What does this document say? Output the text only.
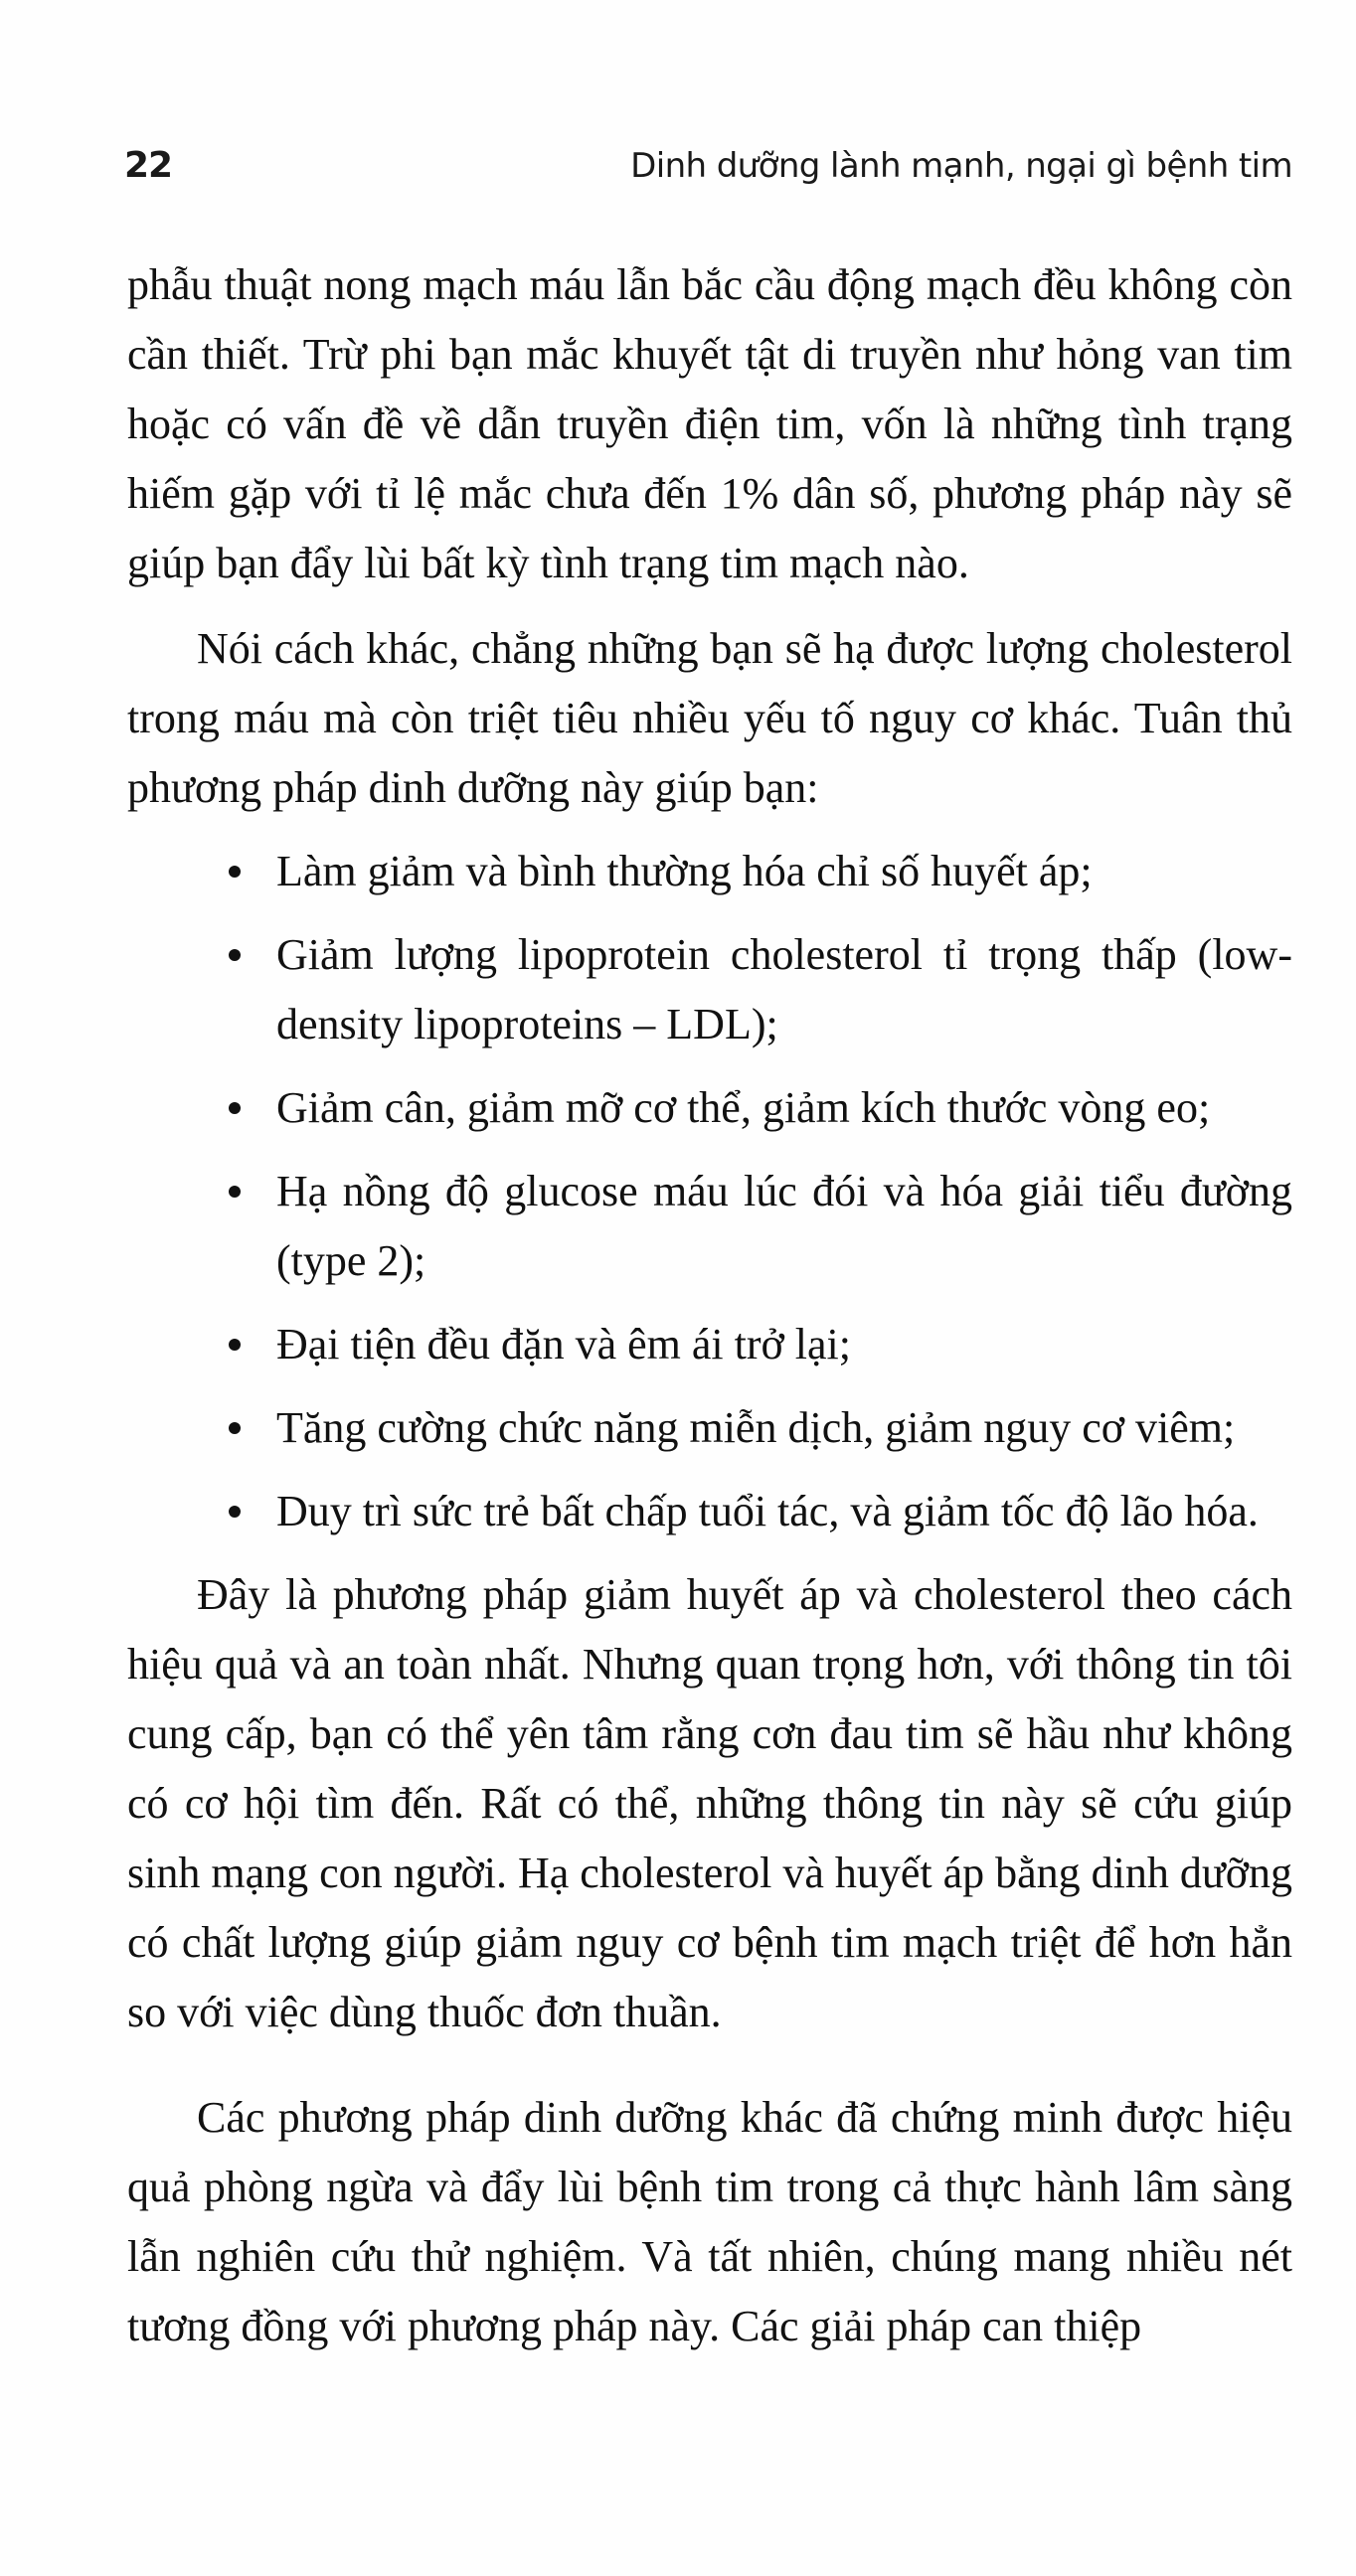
22	Dinh dưỡng lành mạnh, ngại gì bệnh tim

phẫu thuật nong mạch máu lẫn bắc cầu động mạch đều không còn cần thiết. Trừ phi bạn mắc khuyết tật di truyền như hỏng van tim hoặc có vấn đề về dẫn truyền điện tim, vốn là những tình trạng hiếm gặp với tỉ lệ mắc chưa đến 1% dân số, phương pháp này sẽ giúp bạn đẩy lùi bất kỳ tình trạng tim mạch nào.

Nói cách khác, chẳng những bạn sẽ hạ được lượng cholesterol trong máu mà còn triệt tiêu nhiều yếu tố nguy cơ khác. Tuân thủ phương pháp dinh dưỡng này giúp bạn:

Làm giảm và bình thường hóa chỉ số huyết áp;
Giảm lượng lipoprotein cholesterol tỉ trọng thấp (low-density lipoproteins – LDL);
Giảm cân, giảm mỡ cơ thể, giảm kích thước vòng eo;
Hạ nồng độ glucose máu lúc đói và hóa giải tiểu đường (type 2);
Đại tiện đều đặn và êm ái trở lại;
Tăng cường chức năng miễn dịch, giảm nguy cơ viêm;
Duy trì sức trẻ bất chấp tuổi tác, và giảm tốc độ lão hóa.

Đây là phương pháp giảm huyết áp và cholesterol theo cách hiệu quả và an toàn nhất. Nhưng quan trọng hơn, với thông tin tôi cung cấp, bạn có thể yên tâm rằng cơn đau tim sẽ hầu như không có cơ hội tìm đến. Rất có thể, những thông tin này sẽ cứu giúp sinh mạng con người. Hạ cholesterol và huyết áp bằng dinh dưỡng có chất lượng giúp giảm nguy cơ bệnh tim mạch triệt để hơn hẳn so với việc dùng thuốc đơn thuần.

Các phương pháp dinh dưỡng khác đã chứng minh được hiệu quả phòng ngừa và đẩy lùi bệnh tim trong cả thực hành lâm sàng lẫn nghiên cứu thử nghiệm. Và tất nhiên, chúng mang nhiều nét tương đồng với phương pháp này. Các giải pháp can thiệp
